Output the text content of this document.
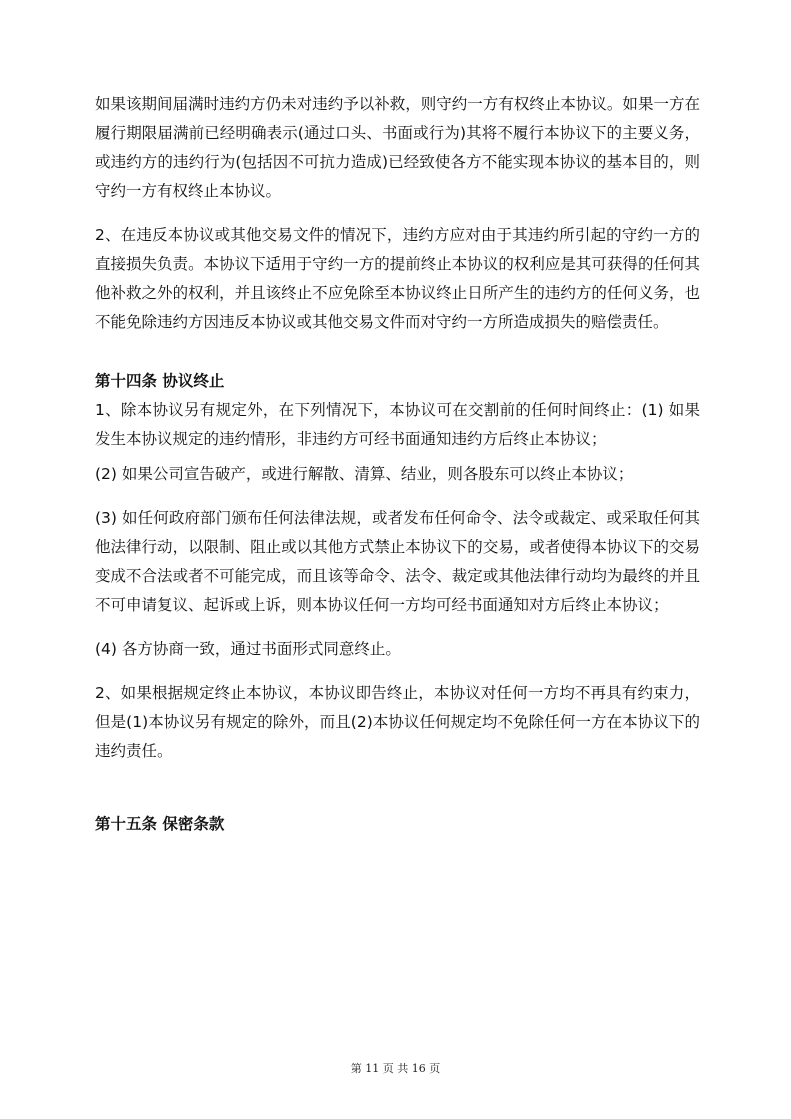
如果该期间届满时违约方仍未对违约予以补救，则守约一方有权终止本协议。如果一方在履行期限届满前已经明确表示(通过口头、书面或行为)其将不履行本协议下的主要义务，或违约方的违约行为(包括因不可抗力造成)已经致使各方不能实现本协议的基本目的，则守约一方有权终止本协议。

2、在违反本协议或其他交易文件的情况下，违约方应对由于其违约所引起的守约一方的直接损失负责。本协议下适用于守约一方的提前终止本协议的权利应是其可获得的任何其他补救之外的权利，并且该终止不应免除至本协议终止日所产生的违约方的任何义务，也不能免除违约方因违反本协议或其他交易文件而对守约一方所造成损失的赔偿责任。

第十四条 协议终止

1、除本协议另有规定外，在下列情况下，本协议可在交割前的任何时间终止：(1) 如果发生本协议规定的违约情形，非违约方可经书面通知违约方后终止本协议；

(2) 如果公司宣告破产，或进行解散、清算、结业，则各股东可以终止本协议；

(3) 如任何政府部门颁布任何法律法规，或者发布任何命令、法令或裁定、或采取任何其他法律行动，以限制、阻止或以其他方式禁止本协议下的交易，或者使得本协议下的交易变成不合法或者不可能完成，而且该等命令、法令、裁定或其他法律行动均为最终的并且不可申请复议、起诉或上诉，则本协议任何一方均可经书面通知对方后终止本协议；

(4) 各方协商一致，通过书面形式同意终止。

2、如果根据规定终止本协议，本协议即告终止，本协议对任何一方均不再具有约束力，但是(1)本协议另有规定的除外，而且(2)本协议任何规定均不免除任何一方在本协议下的违约责任。

第十五条 保密条款
第 11 页 共 16 页
